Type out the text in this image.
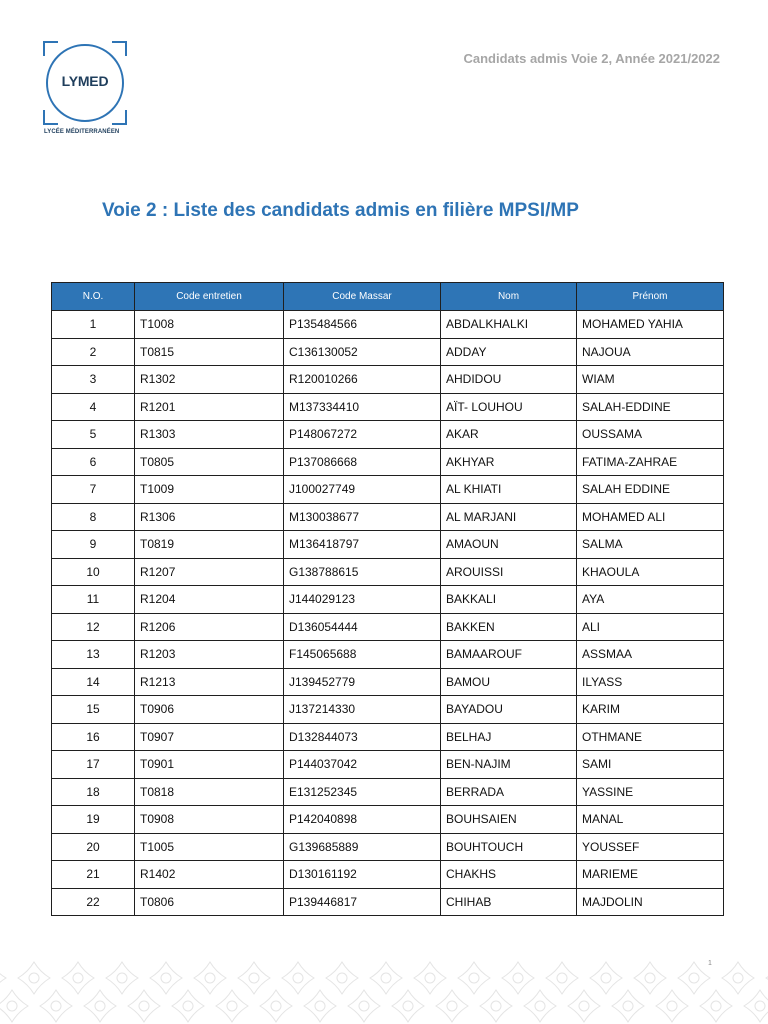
LYMED
LYCÉE MÉDITERRANÉEN
Candidats admis Voie 2, Année 2021/2022
Voie 2 : Liste des candidats admis en filière MPSI/MP
N.O.	Code entretien	Code Massar	Nom	Prénom
1	T1008	P135484566	ABDALKHALKI	MOHAMED YAHIA
2	T0815	C136130052	ADDAY	NAJOUA
3	R1302	R120010266	AHDIDOU	WIAM
4	R1201	M137334410	AÏT- LOUHOU	SALAH-EDDINE
5	R1303	P148067272	AKAR	OUSSAMA
6	T0805	P137086668	AKHYAR	FATIMA-ZAHRAE
7	T1009	J100027749	AL KHIATI	SALAH EDDINE
8	R1306	M130038677	AL MARJANI	MOHAMED ALI
9	T0819	M136418797	AMAOUN	SALMA
10	R1207	G138788615	AROUISSI	KHAOULA
11	R1204	J144029123	BAKKALI	AYA
12	R1206	D136054444	BAKKEN	ALI
13	R1203	F145065688	BAMAAROUF	ASSMAA
14	R1213	J139452779	BAMOU	ILYASS
15	T0906	J137214330	BAYADOU	KARIM
16	T0907	D132844073	BELHAJ	OTHMANE
17	T0901	P144037042	BEN-NAJIM	SAMI
18	T0818	E131252345	BERRADA	YASSINE
19	T0908	P142040898	BOUHSAIEN	MANAL
20	T1005	G139685889	BOUHTOUCH	YOUSSEF
21	R1402	D130161192	CHAKHS	MARIEME
22	T0806	P139446817	CHIHAB	MAJDOLIN
1
